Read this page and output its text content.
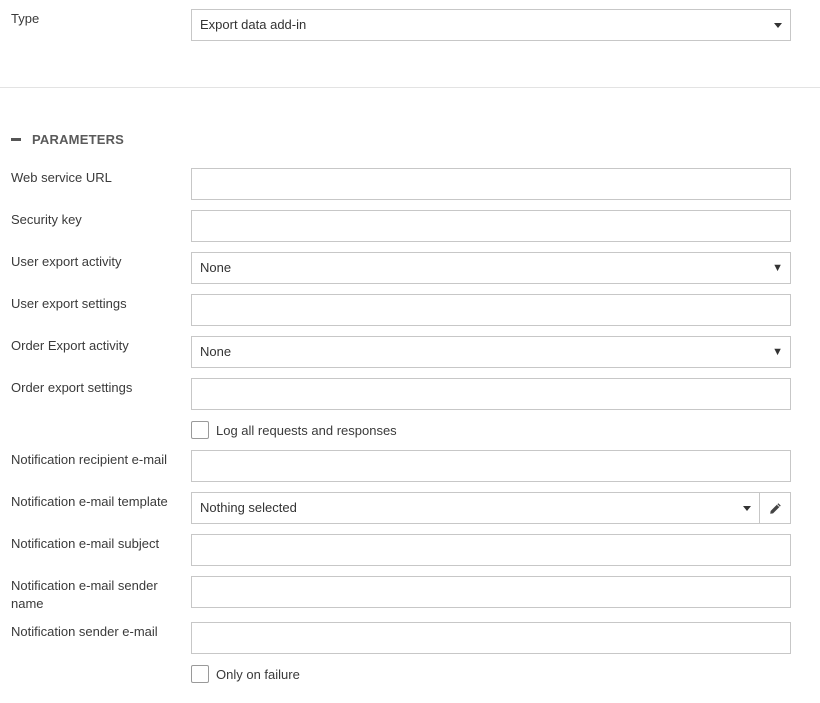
Type	Export data add-in
PARAMETERS
Web service URL
Security key
User export activity	None	▼
User export settings
Order Export activity	None	▼
Order export settings
Log all requests and responses
Notification recipient e-mail
Notification e-mail template	Nothing selected
Notification e-mail subject
Notification e-mail sender name
Notification sender e-mail
Only on failure
